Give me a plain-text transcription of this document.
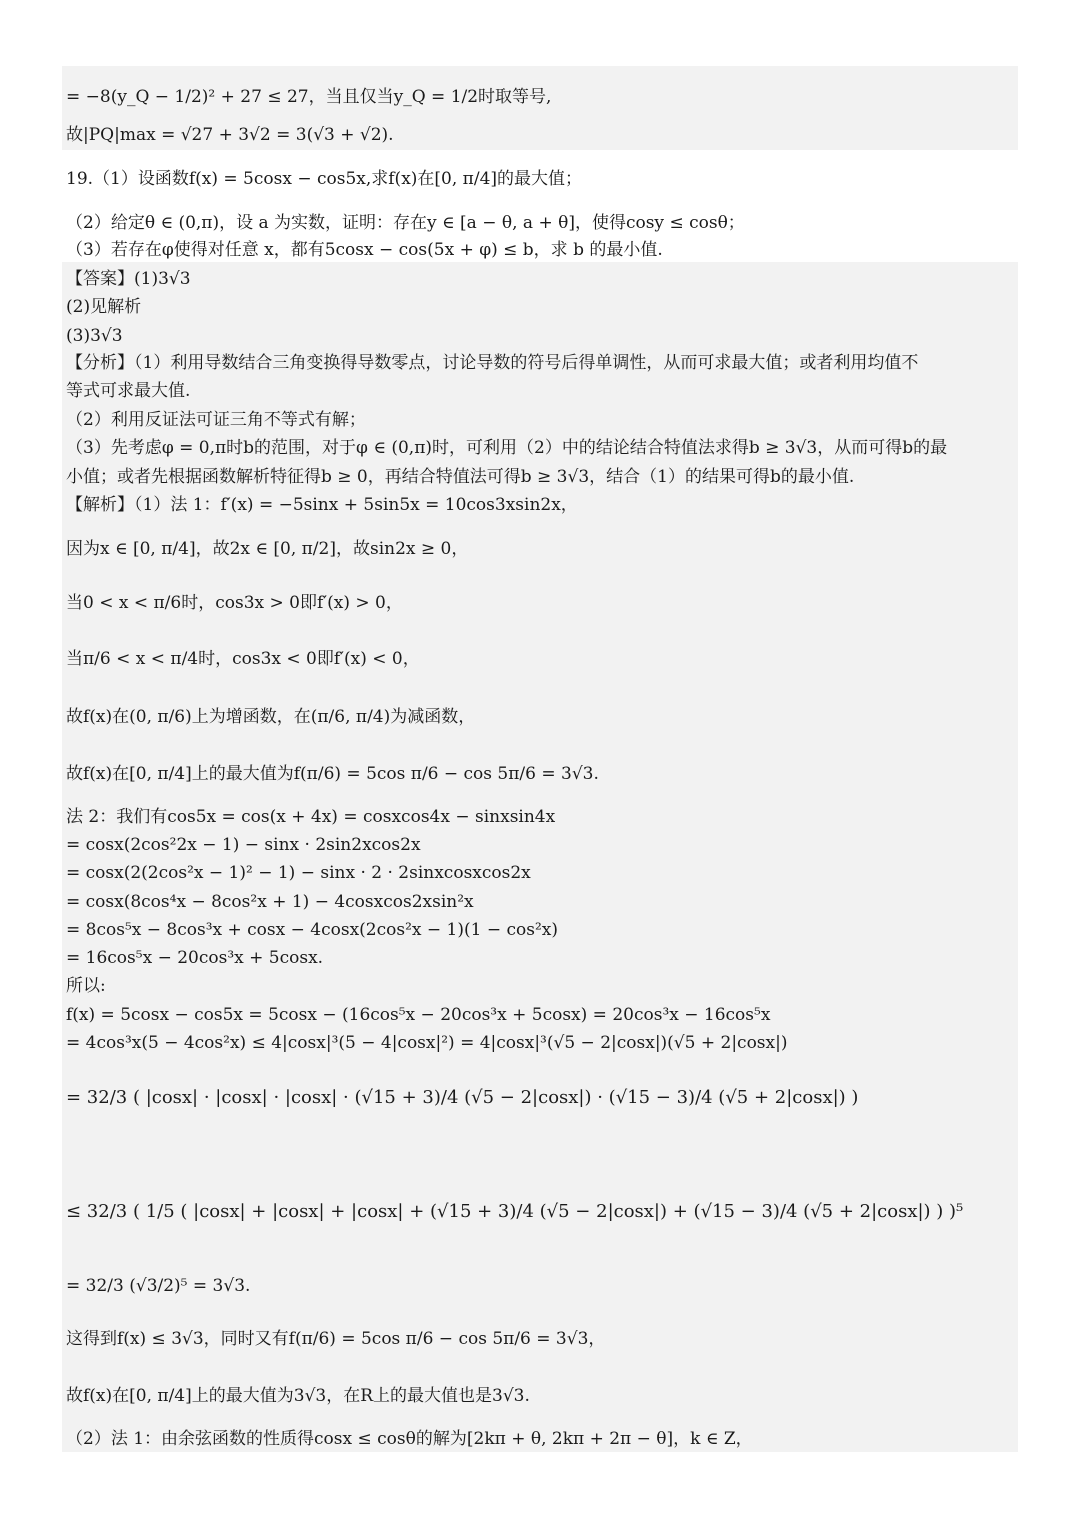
= −8(y_Q − 1/2)² + 27 ≤ 27，当且仅当y_Q = 1/2时取等号,
故|PQ|max = √27 + 3√2 = 3(√3 + √2).
19.（1）设函数f(x) = 5cosx − cos5x,求f(x)在[0, π/4]的最大值；
（2）给定θ ∈ (0,π)，设 a 为实数，证明：存在y ∈ [a − θ, a + θ]，使得cosy ≤ cosθ；
（3）若存在φ使得对任意 x，都有5cosx − cos(5x + φ) ≤ b，求 b 的最小值.
【答案】(1)3√3
(2)见解析
(3)3√3
【分析】（1）利用导数结合三角变换得导数零点，讨论导数的符号后得单调性，从而可求最大值；或者利用均值不
等式可求最大值.
（2）利用反证法可证三角不等式有解；
（3）先考虑φ = 0,π时b的范围，对于φ ∈ (0,π)时，可利用（2）中的结论结合特值法求得b ≥ 3√3，从而可得b的最
小值；或者先根据函数解析特征得b ≥ 0，再结合特值法可得b ≥ 3√3，结合（1）的结果可得b的最小值.
【解析】（1）法 1：f′(x) = −5sinx + 5sin5x = 10cos3xsin2x，
因为x ∈ [0, π/4]，故2x ∈ [0, π/2]，故sin2x ≥ 0，
当0 < x < π/6时，cos3x > 0即f′(x) > 0，
当π/6 < x < π/4时，cos3x < 0即f′(x) < 0，
故f(x)在(0, π/6)上为增函数，在(π/6, π/4)为减函数，
故f(x)在[0, π/4]上的最大值为f(π/6) = 5cos π/6 − cos 5π/6 = 3√3.
法 2：我们有cos5x = cos(x + 4x) = cosxcos4x − sinxsin4x
= cosx(2cos²2x − 1) − sinx · 2sin2xcos2x
= cosx(2(2cos²x − 1)² − 1) − sinx · 2 · 2sinxcosxcos2x
= cosx(8cos⁴x − 8cos²x + 1) − 4cosxcos2xsin²x
= 8cos⁵x − 8cos³x + cosx − 4cosx(2cos²x − 1)(1 − cos²x)
= 16cos⁵x − 20cos³x + 5cosx.
所以:
f(x) = 5cosx − cos5x = 5cosx − (16cos⁵x − 20cos³x + 5cosx) = 20cos³x − 16cos⁵x
= 4cos³x(5 − 4cos²x) ≤ 4|cosx|³(5 − 4|cosx|²) = 4|cosx|³(√5 − 2|cosx|)(√5 + 2|cosx|)
= 32/3 ( |cosx| · |cosx| · |cosx| · (√15 + 3)/4 (√5 − 2|cosx|) · (√15 − 3)/4 (√5 + 2|cosx|) )
≤ 32/3 ( 1/5 ( |cosx| + |cosx| + |cosx| + (√15 + 3)/4 (√5 − 2|cosx|) + (√15 − 3)/4 (√5 + 2|cosx|) ) )⁵
= 32/3 (√3/2)⁵ = 3√3.
这得到f(x) ≤ 3√3，同时又有f(π/6) = 5cos π/6 − cos 5π/6 = 3√3，
故f(x)在[0, π/4]上的最大值为3√3，在R上的最大值也是3√3.
（2）法 1：由余弦函数的性质得cosx ≤ cosθ的解为[2kπ + θ, 2kπ + 2π − θ]，k ∈ Z，
